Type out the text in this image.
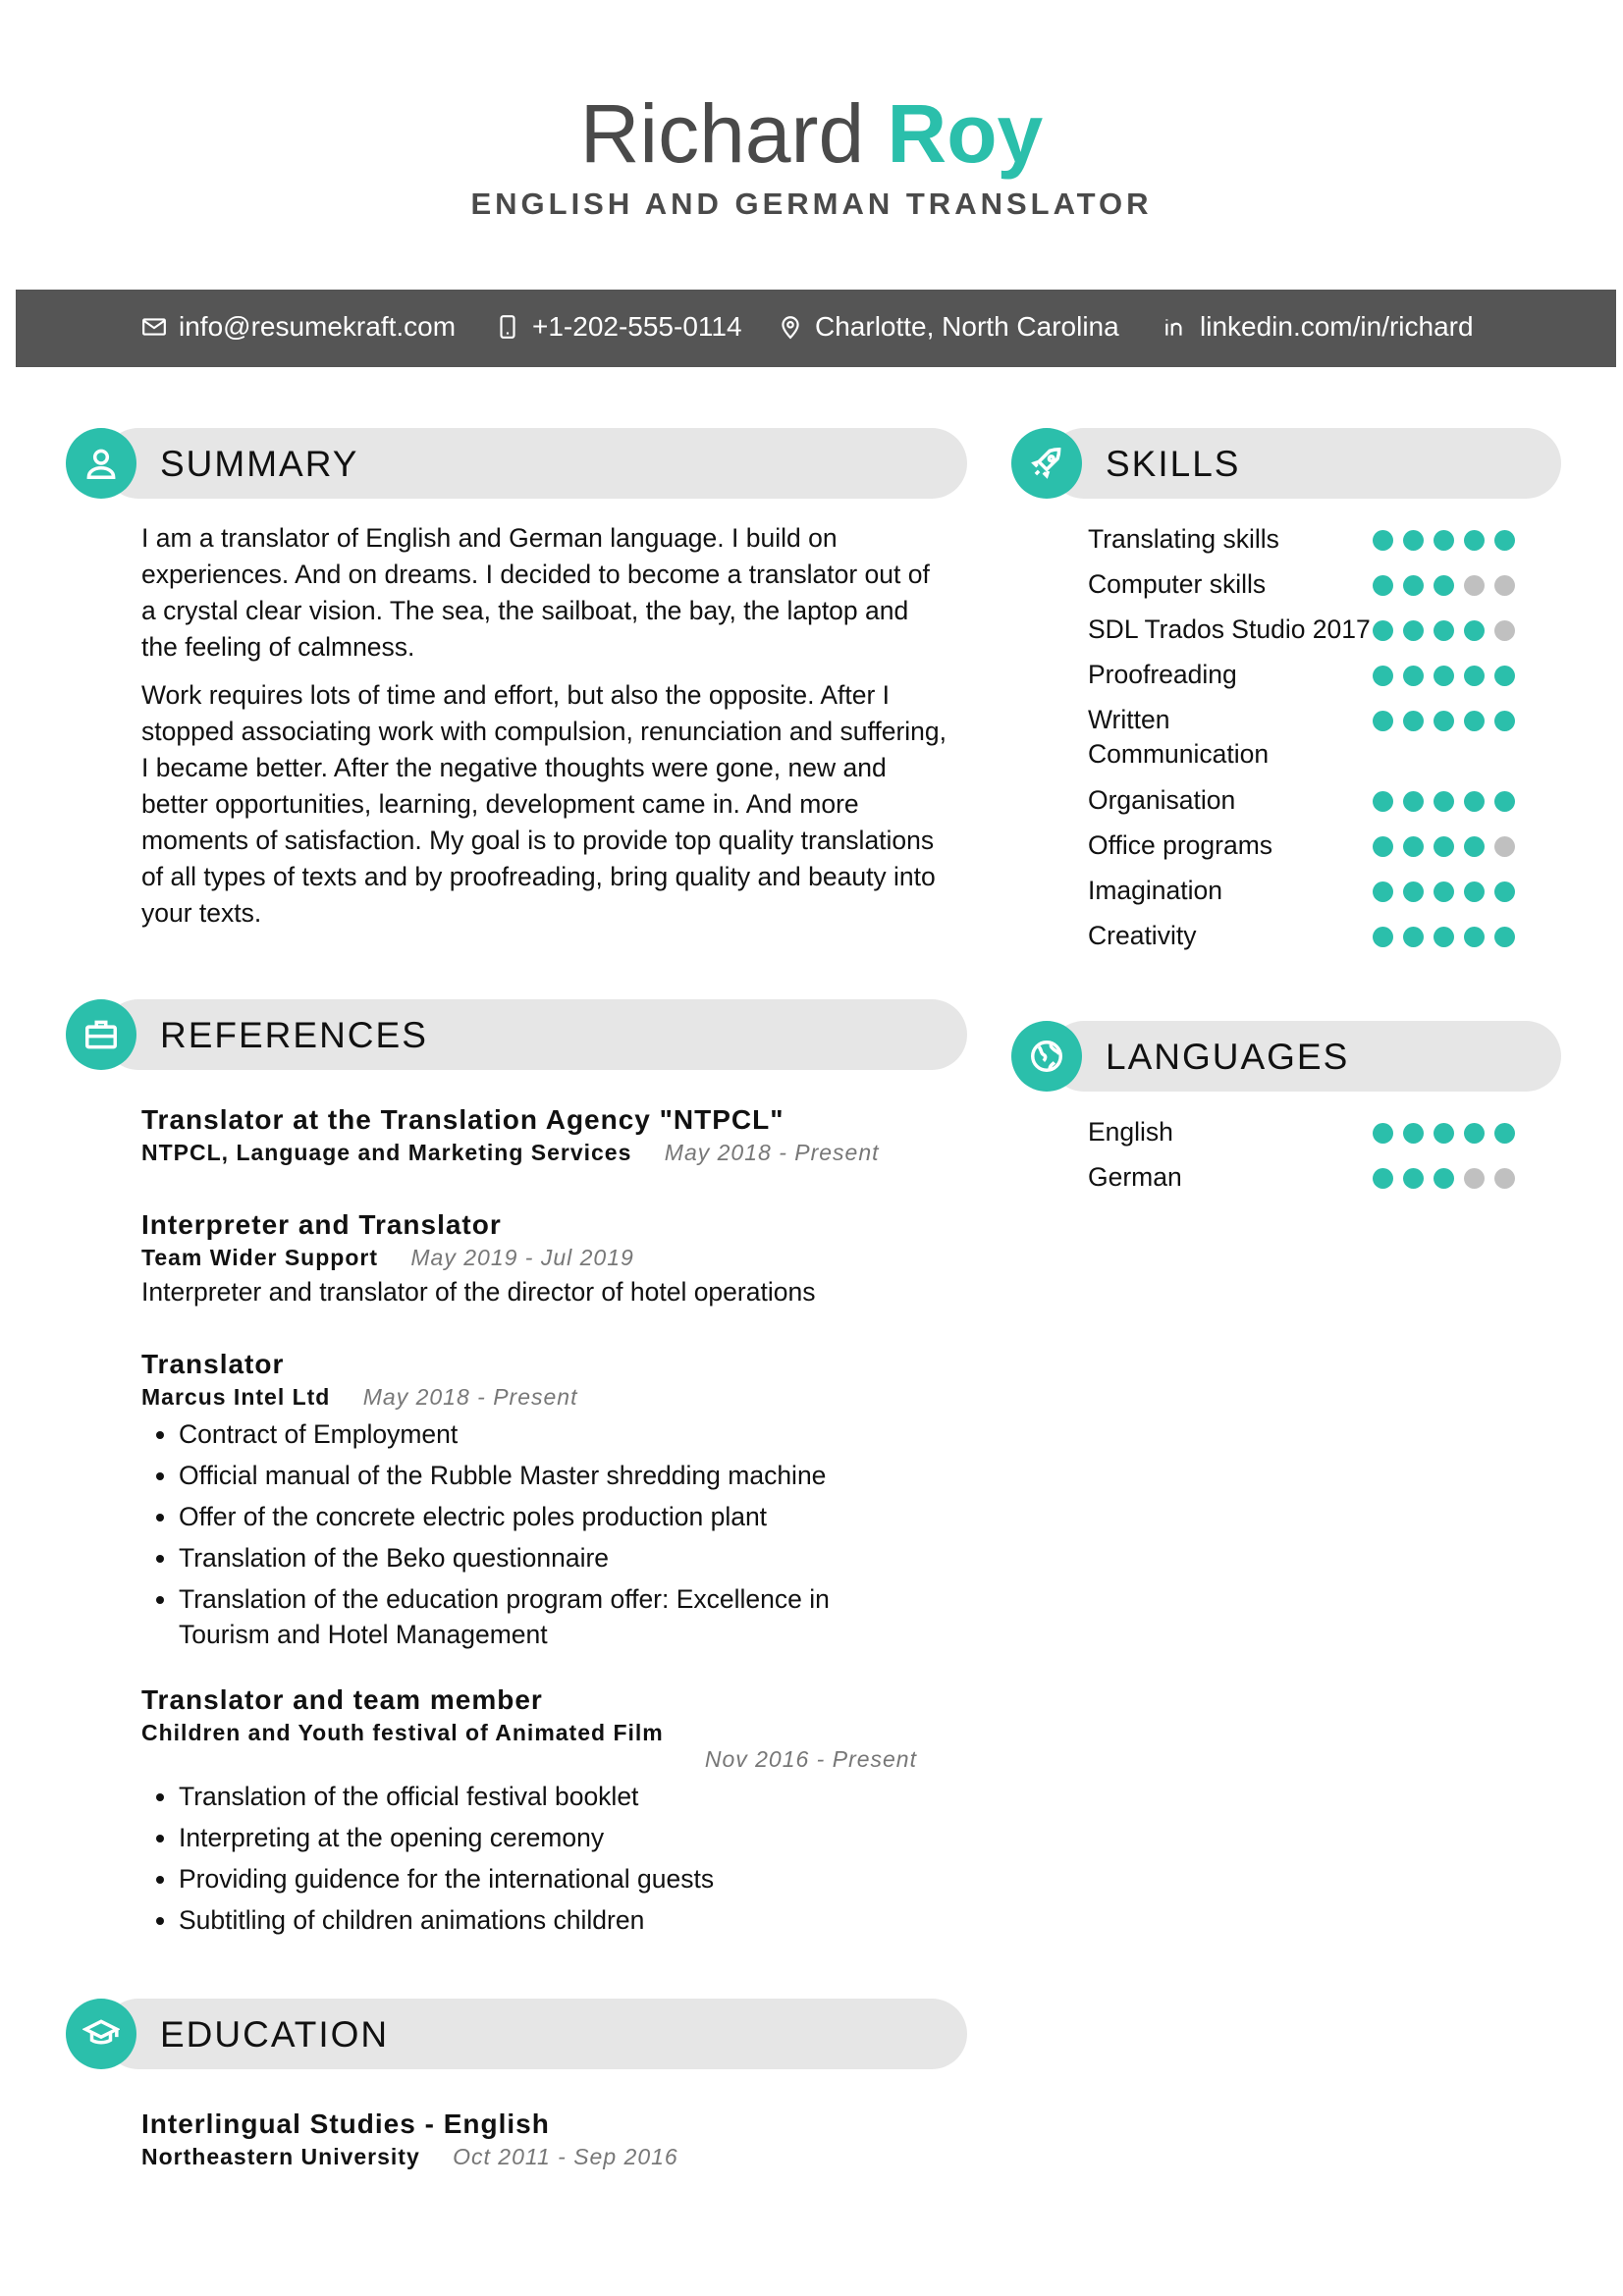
Richard Roy
ENGLISH AND GERMAN TRANSLATOR
info@resumekraft.com	+1-202-555-0114	Charlotte, North Carolina	linkedin.com/in/richard
SUMMARY

I am a translator of English and German language. I build on experiences. And on dreams. I decided to become a translator out of a crystal clear vision. The sea, the sailboat, the bay, the laptop and the feeling of calmness.

Work requires lots of time and effort, but also the opposite. After I stopped associating work with compulsion, renunciation and suffering, I became better. After the negative thoughts were gone, new and better opportunities, learning, development came in. And more moments of satisfaction. My goal is to provide top quality translations of all types of texts and by proofreading, bring quality and beauty into your texts.

REFERENCES
Translator at the Translation Agency "NTPCL"
NTPCL, Language and Marketing Services May 2018 - Present
Interpreter and Translator
Team Wider Support May 2019 - Jul 2019
Interpreter and translator of the director of hotel operations
Translator
Marcus Intel Ltd May 2018 - Present
• Contract of Employment
• Official manual of the Rubble Master shredding machine
• Offer of the concrete electric poles production plant
• Translation of the Beko questionnaire
• Translation of the education program offer: Excellence in Tourism and Hotel Management
Translator and team member
Children and Youth festival of Animated Film
Nov 2016 - Present
• Translation of the official festival booklet
• Interpreting at the opening ceremony
• Providing guidence for the international guests
• Subtitling of children animations children
EDUCATION
Interlingual Studies - English
Northeastern University Oct 2011 - Sep 2016
SKILLS
Translating skills
Computer skills
SDL Trados Studio 2017
Proofreading
Written Communication
Organisation
Office programs
Imagination
Creativity
LANGUAGES
English
German
